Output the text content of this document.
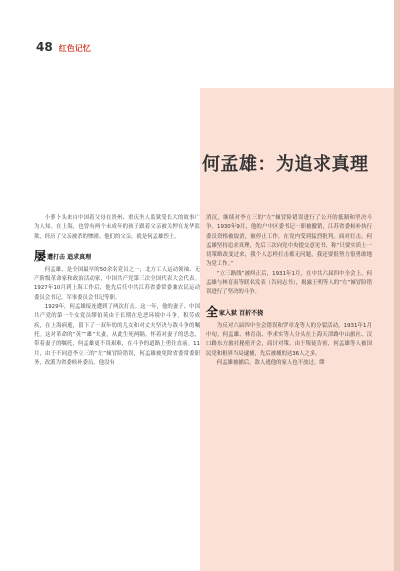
48 红色记忆
何孟雄：为追求真理

小萝卜头来自中国着父母在贵州、重庆坐人监狱受长大的故事广为人知。在上海，也曾有两个未成年的孩子跟着父亲被关押在龙华监狱，经历了父亲被杀的惨剧。他们的父亲，就是何孟雄烈士。

屡 遭打击 追求真理

何孟雄，是全国最早的50余名党员之一，北方工人运动领袖、无产阶级革命家和政治活动家，中国共产党第三次全国代表大会代表。1927年10月到上海工作后，他先后任中共江苏省委常委兼农民运动委员会书记、军事委员会书记等职。

1929年，何孟雄接连遭到了两次打击。这一年，他的妻子、中国共产党的第一个女党员缪伯英由于长期在危恶环境中斗争，积劳成疾，在上海病逝，留下了一双年幼的儿女和对丈夫坚决与敌斗争的嘱托。这对革命的“英”“雄”夫妻，从此生死两隔。怀着对妻子的思念，带着妻子的嘱托，何孟雄更不畏艰难，在斗争的道路上勇往直前。11月，由于不同意李立三的“左”倾冒险错误，何孟雄被免除省委常委职务，改派为省委候补委员。他没有

消沉，继续对李立三的“左”倾冒险错误进行了公开的抵制和坚决斗争。1930年9月，他的户中区委书记一职被撤销，江苏省委候补执行委员资格被取消，被停止工作，在党内受到猛烈批判。面对打击，何孟雄坚持追求真理，先后三次向党中央提交意见书，称“只要实质上一切策略改变过来，我个人怎样打击都无问题，我还要很努力很勇敢地为党工作。”

“立三路线”被纠正后，1931年1月，在中共六届四中全会上，何孟雄与林育南等联名发表（告同志书），揭露王明等人的“左”倾冒险错误进行了坚决的斗争。

全 家入狱 百折不挠

为反对六届四中全会错误和罗章龙等人的分裂活动，1931年1月中旬，何孟雄、林育南、李求实等人分头在上海天津路中山旅社、汉口路东方旅社秘密开会，商讨对策。由于叛徒告密，何孟雄等人被国民党和租界当局逮捕，先后被捕的达36人之多。

何孟雄被捕后，敌人逃他的家人也不放过。缪
